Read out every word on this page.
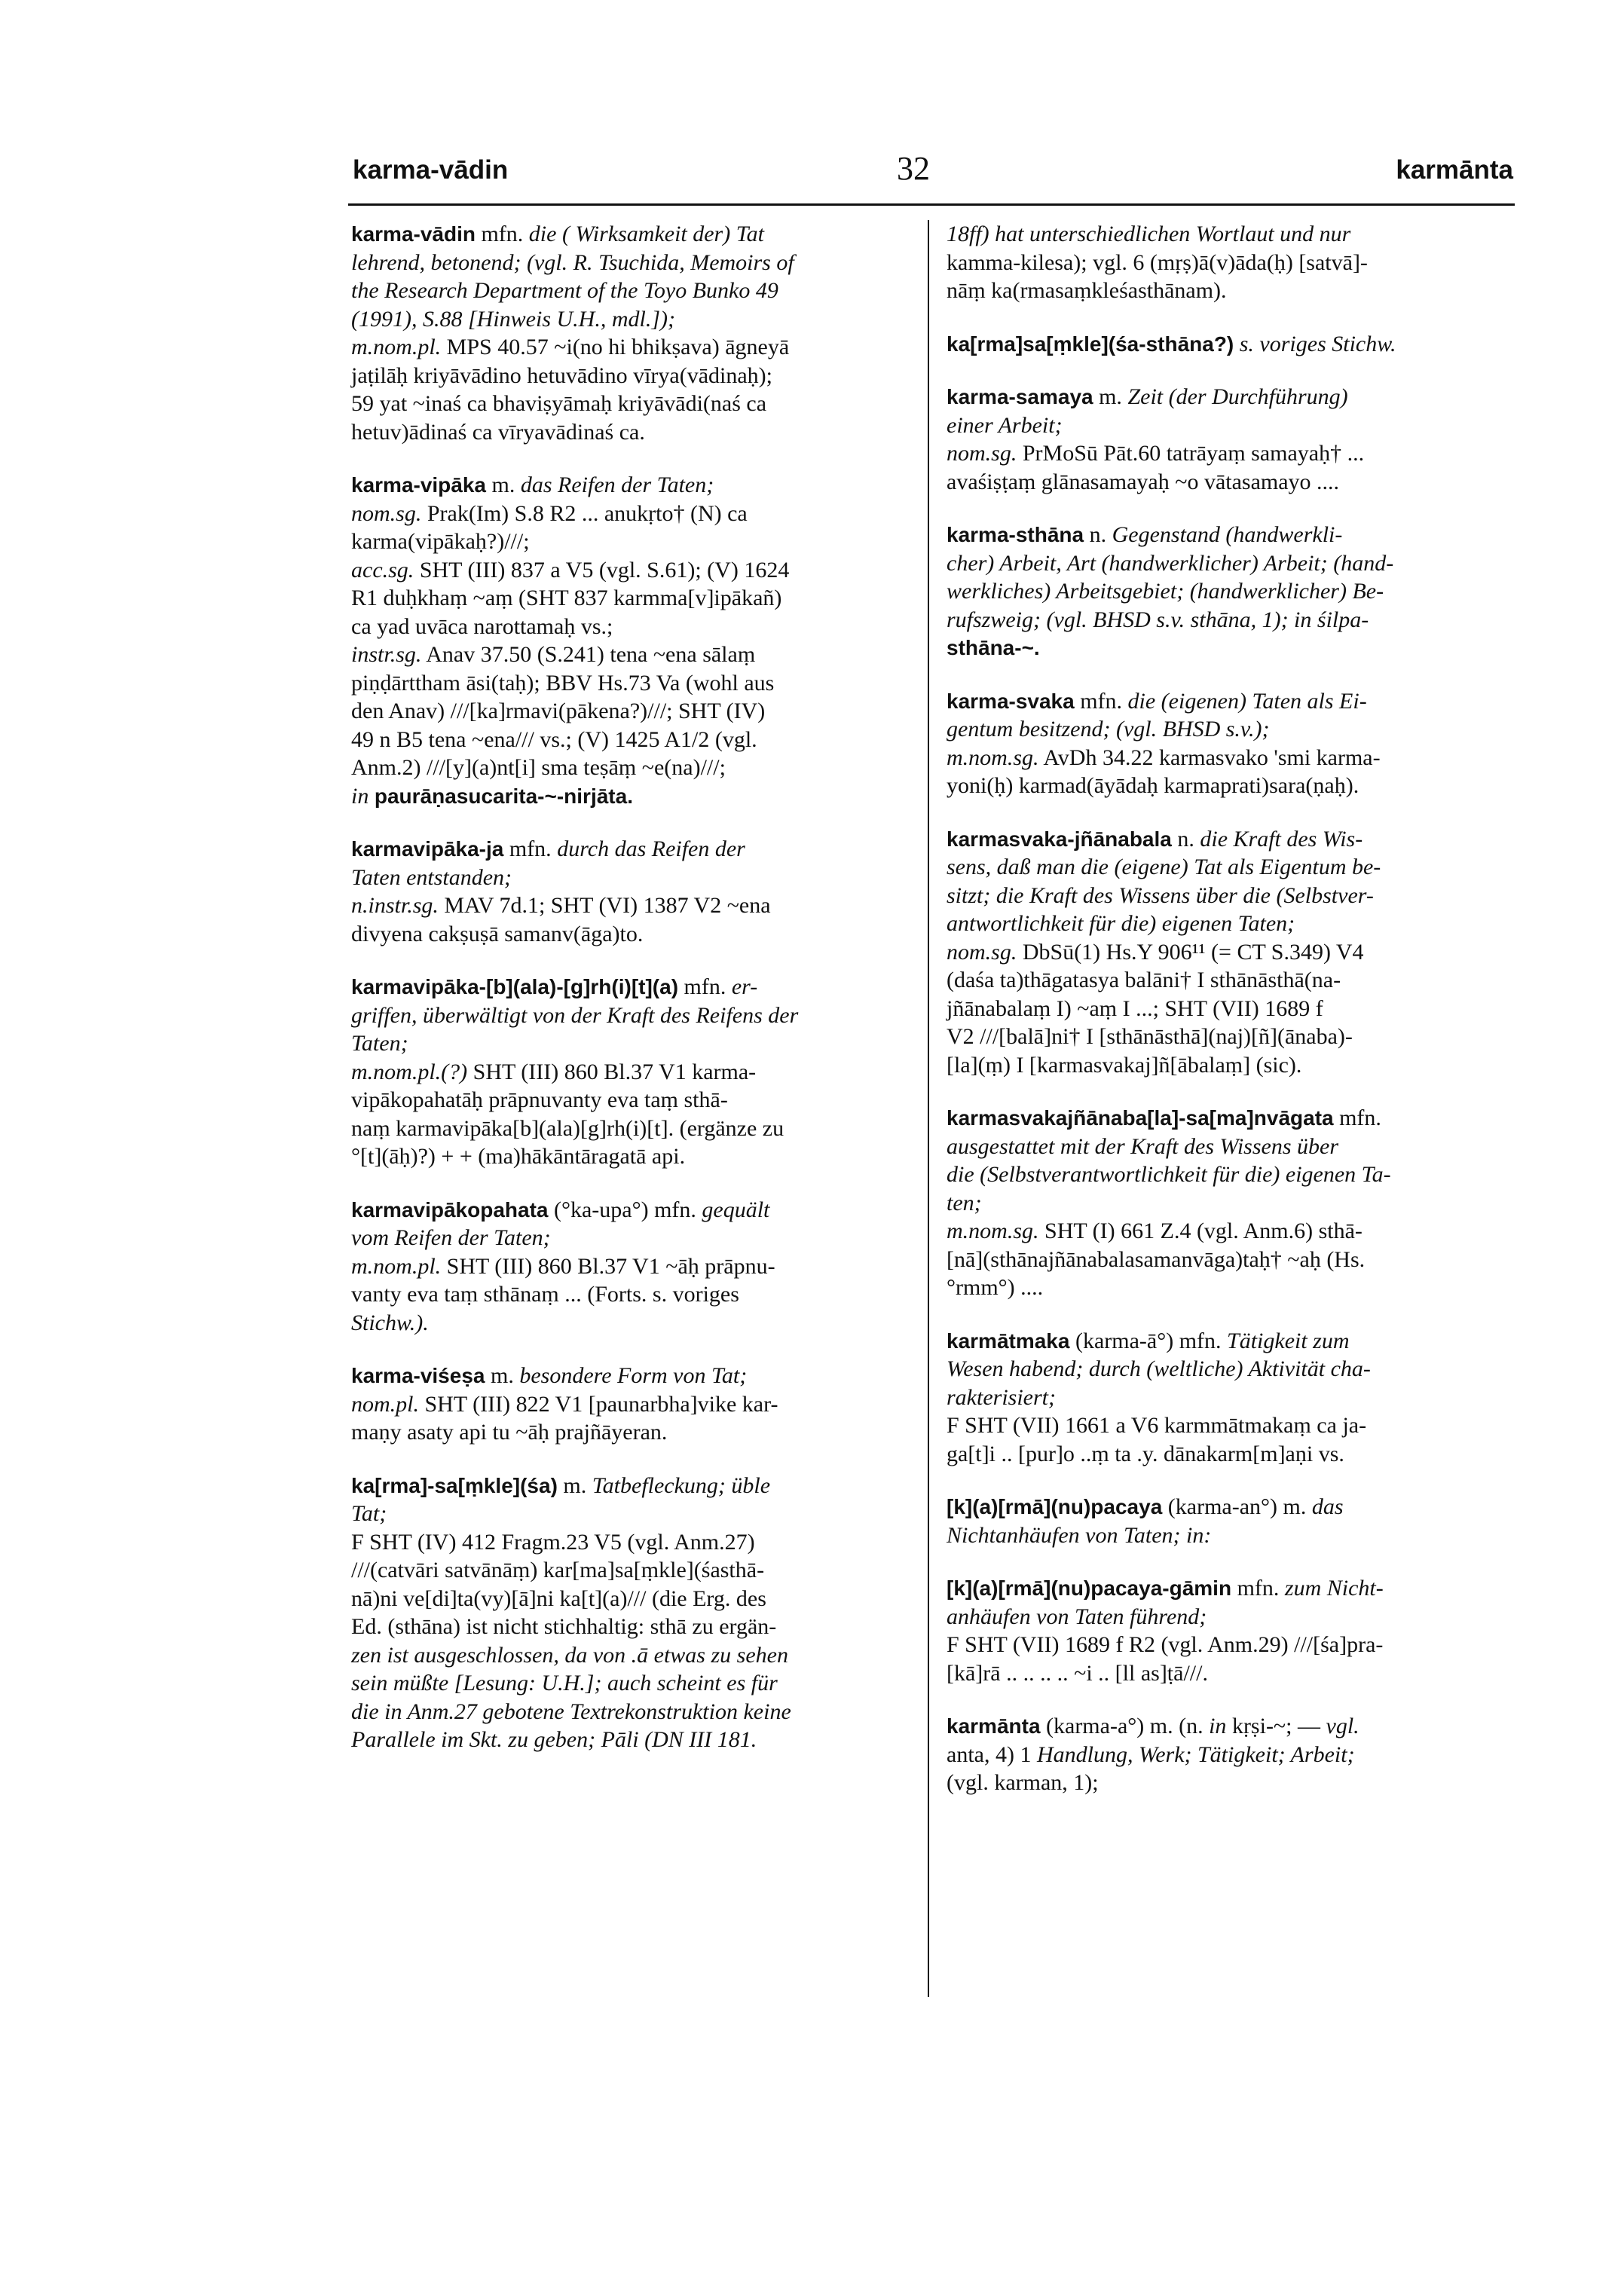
karma-vādin	32	karmānta
karma-vādin mfn. die ( Wirksamkeit der) Tat
lehrend, betonend; (vgl. R. Tsuchida, Memoirs of
the Research Department of the Toyo Bunko 49
(1991), S.88 [Hinweis U.H., mdl.]);
m.nom.pl. MPS 40.57 ~i(no hi bhikṣava) āgneyā
jaṭilāḥ kriyāvādino hetuvādino vīrya(vādinaḥ);
59 yat ~inaś ca bhaviṣyāmaḥ kriyāvādi(naś ca
hetuv)ādinaś ca vīryavādinaś ca.
karma-vipāka m. das Reifen der Taten;
nom.sg. Prak(Im) S.8 R2 ... anukṛto† (N) ca
karma(vipākaḥ?)///;
acc.sg. SHT (III) 837 a V5 (vgl. S.61); (V) 1624
R1 duḥkhaṃ ~aṃ (SHT 837 karmma[v]ipākañ)
ca yad uvāca narottamaḥ vs.;
instr.sg. Anav 37.50 (S.241) tena ~ena sālaṃ
piṇḍārttham āsi(taḥ); BBV Hs.73 Va (wohl aus
den Anav) ///[ka]rmavi(pākena?)///; SHT (IV)
49 n B5 tena ~ena/// vs.; (V) 1425 A1/2 (vgl.
Anm.2) ///[y](a)nt[i] sma teṣāṃ ~e(na)///;
in paurāṇasucarita-~-nirjāta.
karmavipāka-ja mfn. durch das Reifen der
Taten entstanden;
n.instr.sg. MAV 7d.1; SHT (VI) 1387 V2 ~ena
divyena cakṣuṣā samanv(āga)to.
karmavipāka-[b](ala)-[g]rh(i)[t](a) mfn. er-
griffen, überwältigt von der Kraft des Reifens der
Taten;
m.nom.pl.(?) SHT (III) 860 Bl.37 V1 karma-
vipākopahatāḥ prāpnuvanty eva taṃ sthā-
naṃ karmavipāka[b](ala)[g]rh(i)[t]. (ergänze zu
°[t](āḥ)?) + + (ma)hākāntāragatā api.
karmavipākopahata (°ka-upa°) mfn. gequält
vom Reifen der Taten;
m.nom.pl. SHT (III) 860 Bl.37 V1 ~āḥ prāpnu-
vanty eva taṃ sthānaṃ ... (Forts. s. voriges
Stichw.).
karma-viśeṣa m. besondere Form von Tat;
nom.pl. SHT (III) 822 V1 [paunarbha]vike kar-
maṇy asaty api tu ~āḥ prajñāyeran.
ka[rma]-sa[ṃkle](śa) m. Tatbefleckung; üble
Tat;
F SHT (IV) 412 Fragm.23 V5 (vgl. Anm.27)
///(catvāri satvānāṃ) kar[ma]sa[ṃkle](śasthā-
nā)ni ve[di]ta(vy)[ā]ni ka[t](a)/// (die Erg. des
Ed. (sthāna) ist nicht stichhaltig: sthā zu ergän-
zen ist ausgeschlossen, da von .ā etwas zu sehen
sein müßte [Lesung: U.H.]; auch scheint es für
die in Anm.27 gebotene Textrekonstruktion keine
Parallele im Skt. zu geben; Pāli (DN III 181.
18ff) hat unterschiedlichen Wortlaut und nur
kamma-kilesa); vgl. 6 (mṛṣ)ā(v)āda(ḥ) [satvā]-
nāṃ ka(rmasaṃkleśasthānam).
ka[rma]sa[ṃkle](śa-sthāna?) s. voriges Stichw.
karma-samaya m. Zeit (der Durchführung)
einer Arbeit;
nom.sg. PrMoSū Pāt.60 tatrāyaṃ samayaḥ† ...
avaśiṣṭaṃ glānasamayaḥ ~o vātasamayo ....
karma-sthāna n. Gegenstand (handwerkli-
cher) Arbeit, Art (handwerklicher) Arbeit; (hand-
werkliches) Arbeitsgebiet; (handwerklicher) Be-
rufszweig; (vgl. BHSD s.v. sthāna, 1); in śilpa-
sthāna-~.
karma-svaka mfn. die (eigenen) Taten als Ei-
gentum besitzend; (vgl. BHSD s.v.);
m.nom.sg. AvDh 34.22 karmasvako 'smi karma-
yoni(ḥ) karmad(āyādaḥ karmaprati)sara(ṇaḥ).
karmasvaka-jñānabala n. die Kraft des Wis-
sens, daß man die (eigene) Tat als Eigentum be-
sitzt; die Kraft des Wissens über die (Selbstver-
antwortlichkeit für die) eigenen Taten;
nom.sg. DbSū(1) Hs.Y 906¹¹ (= CT S.349) V4
(daśa ta)thāgatasya balāni† I sthānāsthā(na-
jñānabalaṃ I) ~aṃ I ...; SHT (VII) 1689 f
V2 ///[balā]ni† I [sthānāsthā](naj)[ñ](ānaba)-
[la](ṃ) I [karmasvakaj]ñ[ābalaṃ] (sic).
karmasvakajñānaba[la]-sa[ma]nvāgata mfn.
ausgestattet mit der Kraft des Wissens über
die (Selbstverantwortlichkeit für die) eigenen Ta-
ten;
m.nom.sg. SHT (I) 661 Z.4 (vgl. Anm.6) sthā-
[nā](sthānajñānabalasamanvāga)taḥ† ~aḥ (Hs.
°rmm°) ....
karmātmaka (karma-ā°) mfn. Tätigkeit zum
Wesen habend; durch (weltliche) Aktivität cha-
rakterisiert;
F SHT (VII) 1661 a V6 karmmātmakaṃ ca ja-
ga[t]i .. [pur]o ..ṃ ta .y. dānakarm[m]aṇi vs.
[k](a)[rmā](nu)pacaya (karma-an°) m. das
Nichtanhäufen von Taten; in:
[k](a)[rmā](nu)pacaya-gāmin mfn. zum Nicht-
anhäufen von Taten führend;
F SHT (VII) 1689 f R2 (vgl. Anm.29) ///[śa]pra-
[kā]rā .. .. .. .. ~i .. [ll as]ṭā///.
karmānta (karma-a°) m. (n. in kṛṣi-~; — vgl.
anta, 4) 1 Handlung, Werk; Tätigkeit; Arbeit;
(vgl. karman, 1);
